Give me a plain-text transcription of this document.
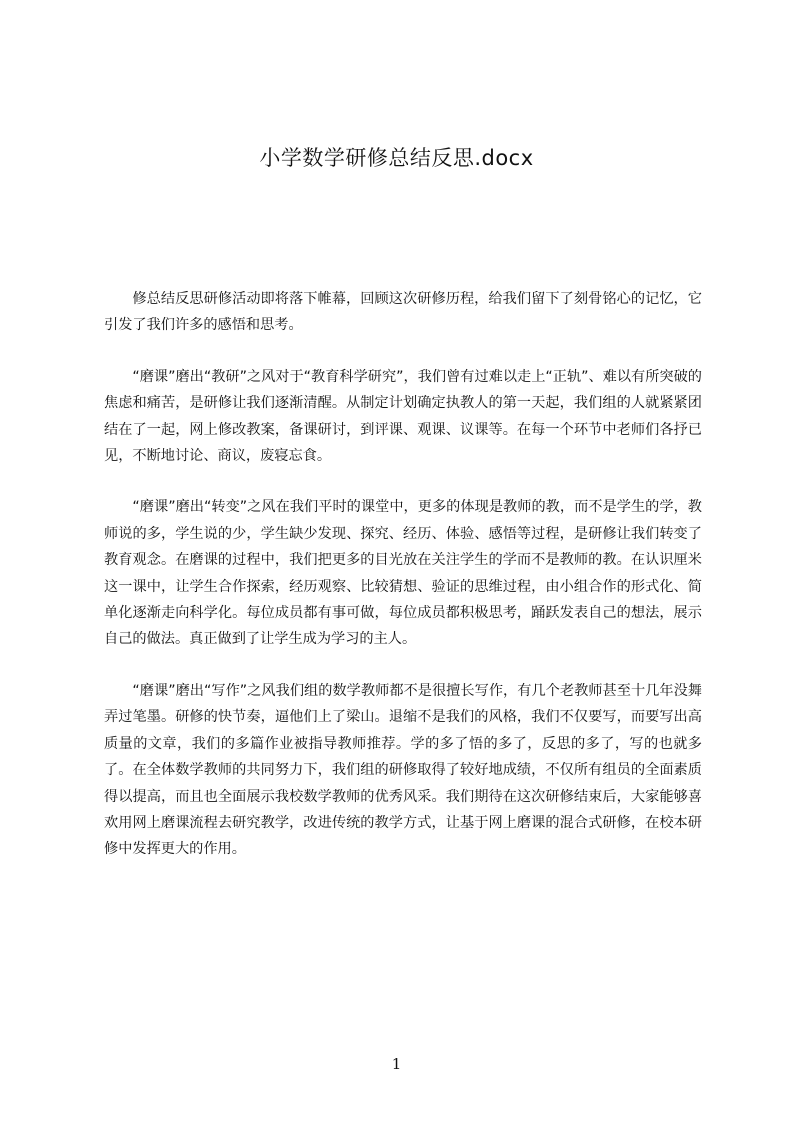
小学数学研修总结反思.docx

修总结反思研修活动即将落下帷幕，回顾这次研修历程，给我们留下了刻骨铭心的记忆，它引发了我们许多的感悟和思考。

“磨课”磨出“教研”之风对于“教育科学研究”，我们曾有过难以走上“正轨”、难以有所突破的焦虑和痛苦，是研修让我们逐渐清醒。从制定计划确定执教人的第一天起，我们组的人就紧紧团结在了一起，网上修改教案，备课研讨，到评课、观课、议课等。在每一个环节中老师们各抒已见，不断地讨论、商议，废寝忘食。

“磨课”磨出“转变”之风在我们平时的课堂中，更多的体现是教师的教，而不是学生的学，教师说的多，学生说的少，学生缺少发现、探究、经历、体验、感悟等过程，是研修让我们转变了教育观念。在磨课的过程中，我们把更多的目光放在关注学生的学而不是教师的教。在认识厘米这一课中，让学生合作探索，经历观察、比较猜想、验证的思维过程，由小组合作的形式化、简单化逐渐走向科学化。每位成员都有事可做，每位成员都积极思考，踊跃发表自己的想法，展示自己的做法。真正做到了让学生成为学习的主人。

“磨课”磨出“写作”之风我们组的数学教师都不是很擅长写作，有几个老教师甚至十几年没舞弄过笔墨。研修的快节奏，逼他们上了梁山。退缩不是我们的风格，我们不仅要写，而要写出高质量的文章，我们的多篇作业被指导教师推荐。学的多了悟的多了，反思的多了，写的也就多了。在全体数学教师的共同努力下，我们组的研修取得了较好地成绩，不仅所有组员的全面素质得以提高，而且也全面展示我校数学教师的优秀风采。我们期待在这次研修结束后，大家能够喜欢用网上磨课流程去研究教学，改进传统的教学方式，让基于网上磨课的混合式研修，在校本研修中发挥更大的作用。

1
